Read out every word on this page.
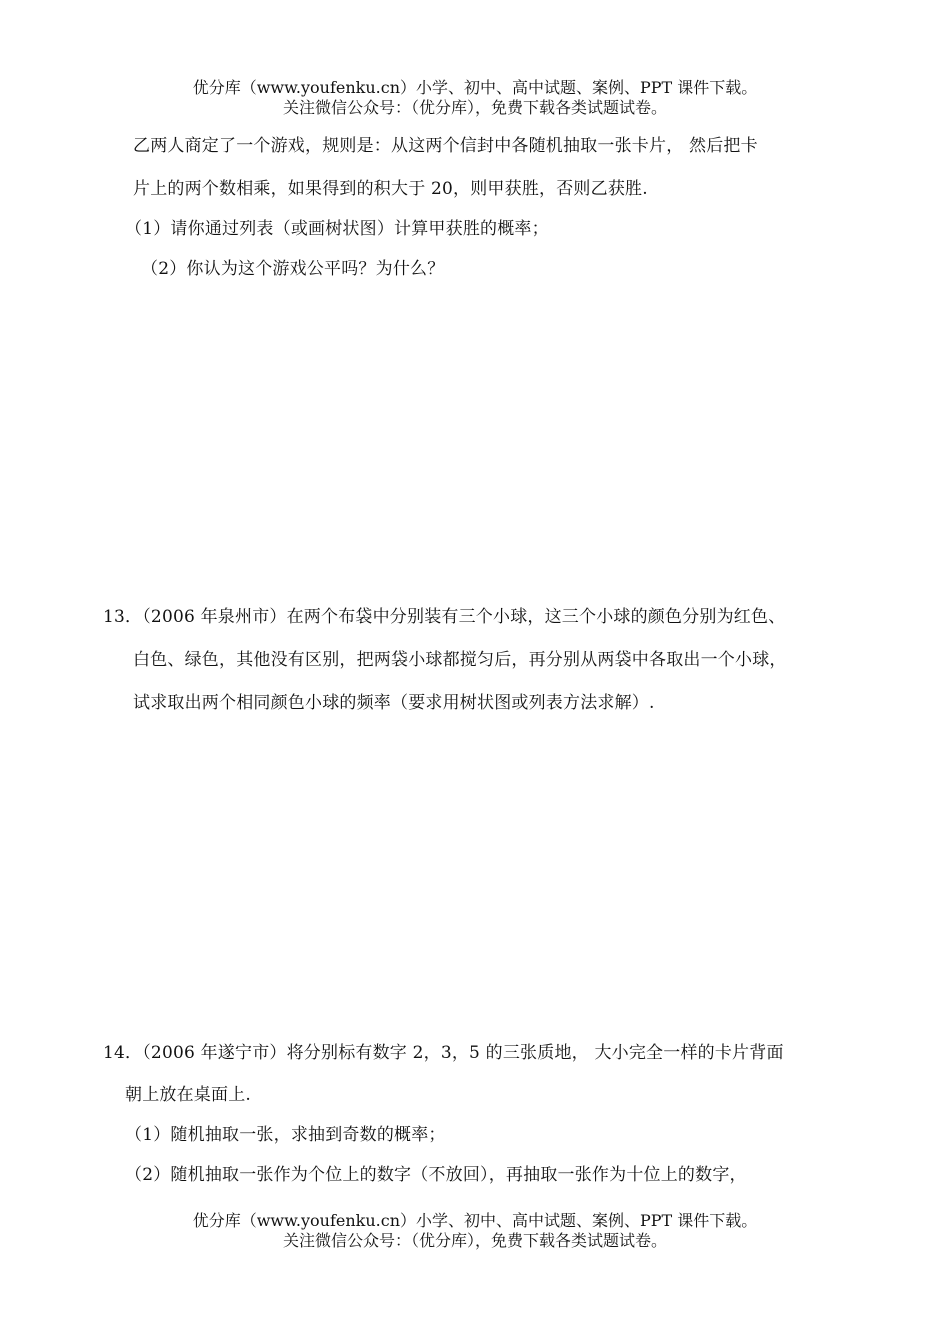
优分库（www.youfenku.cn）小学、初中、高中试题、案例、PPT 课件下载。
关注微信公众号：（优分库），免费下载各类试题试卷。
乙两人商定了一个游戏，规则是：从这两个信封中各随机抽取一张卡片， 然后把卡
片上的两个数相乘，如果得到的积大于 20，则甲获胜，否则乙获胜.
（1）请你通过列表（或画树状图）计算甲获胜的概率；
（2）你认为这个游戏公平吗？为什么？
13．（2006 年泉州市）在两个布袋中分别装有三个小球，这三个小球的颜色分别为红色、
白色、绿色，其他没有区别，把两袋小球都搅匀后，再分别从两袋中各取出一个小球，
试求取出两个相同颜色小球的频率（要求用树状图或列表方法求解）.
14．（2006 年遂宁市）将分别标有数字 2，3，5 的三张质地， 大小完全一样的卡片背面
朝上放在桌面上.
（1）随机抽取一张，求抽到奇数的概率；
（2）随机抽取一张作为个位上的数字（不放回），再抽取一张作为十位上的数字，
优分库（www.youfenku.cn）小学、初中、高中试题、案例、PPT 课件下载。
关注微信公众号：（优分库），免费下载各类试题试卷。
